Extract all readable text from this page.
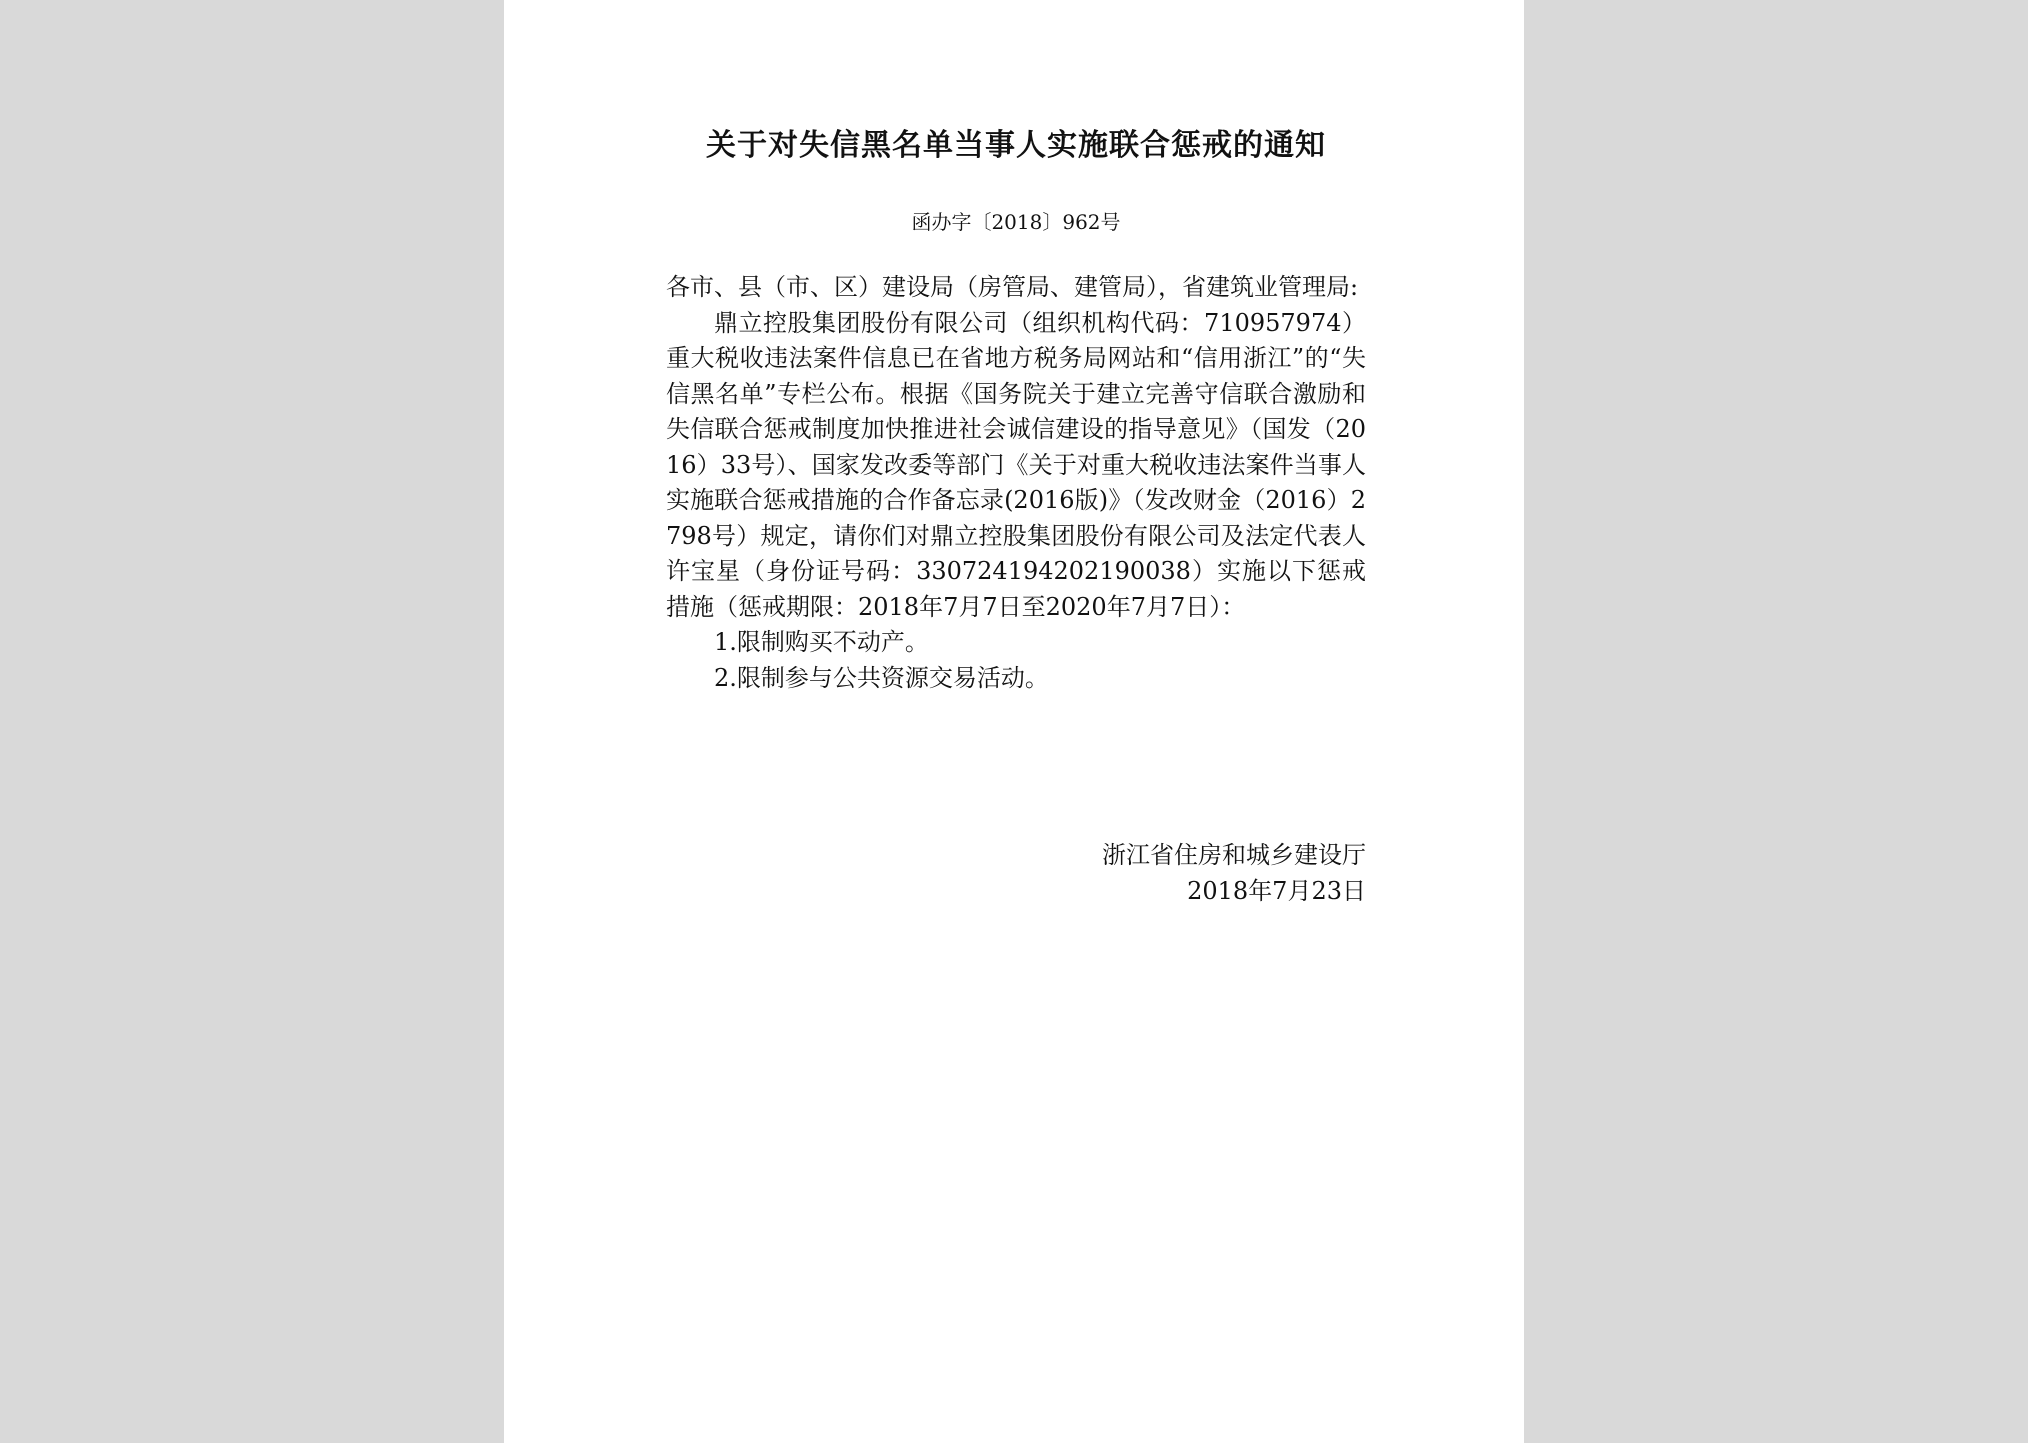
关于对失信黑名单当事人实施联合惩戒的通知
函办字〔2018〕962号

各市、县（市、区）建设局（房管局、建管局），省建筑业管理局:

鼎立控股集团股份有限公司（组织机构代码：710957974）重大税收违法案件信息已在省地方税务局网站和“信用浙江”的“失信黑名单”专栏公布。根据《国务院关于建立完善守信联合激励和失信联合惩戒制度加快推进社会诚信建设的指导意见》（国发（2016）33号）、国家发改委等部门《关于对重大税收违法案件当事人实施联合惩戒措施的合作备忘录(2016版)》（发改财金（2016）2798号）规定，请你们对鼎立控股集团股份有限公司及法定代表人许宝星（身份证号码：330724194202190038）实施以下惩戒措施（惩戒期限：2018年7月7日至2020年7月7日）：

1.限制购买不动产。

2.限制参与公共资源交易活动。

浙江省住房和城乡建设厅
2018年7月23日
